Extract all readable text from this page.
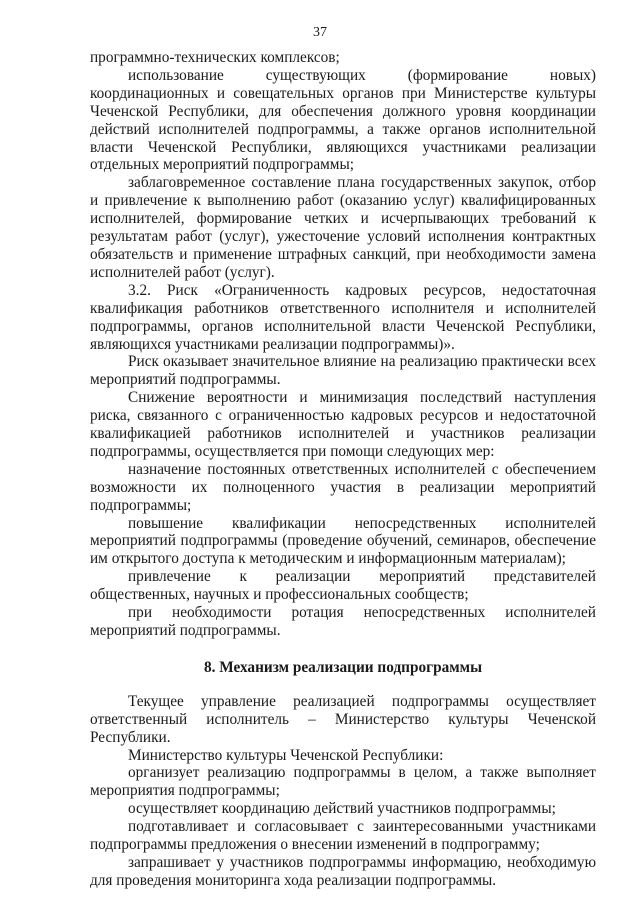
37

программно-технических комплексов;

использование существующих (формирование новых) координационных и совещательных органов при Министерстве культуры Чеченской Республики, для обеспечения должного уровня координации действий исполнителей подпрограммы, а также органов исполнительной власти Чеченской Республики, являющихся участниками реализации отдельных мероприятий подпрограммы;

заблаговременное составление плана государственных закупок, отбор и привлечение к выполнению работ (оказанию услуг) квалифицированных исполнителей, формирование четких и исчерпывающих требований к результатам работ (услуг), ужесточение условий исполнения контрактных обязательств и применение штрафных санкций, при необходимости замена исполнителей работ (услуг).

3.2. Риск «Ограниченность кадровых ресурсов, недостаточная квалификация работников ответственного исполнителя и исполнителей подпрограммы, органов исполнительной власти Чеченской Республики, являющихся участниками реализации подпрограммы)».

Риск оказывает значительное влияние на реализацию практически всех мероприятий подпрограммы.

Снижение вероятности и минимизация последствий наступления риска, связанного с ограниченностью кадровых ресурсов и недостаточной квалификацией работников исполнителей и участников реализации подпрограммы, осуществляется при помощи следующих мер:

назначение постоянных ответственных исполнителей с обеспечением возможности их полноценного участия в реализации мероприятий подпрограммы;

повышение квалификации непосредственных исполнителей мероприятий подпрограммы (проведение обучений, семинаров, обеспечение им открытого доступа к методическим и информационным материалам);

привлечение к реализации мероприятий представителей общественных, научных и профессиональных сообществ;

при необходимости ротация непосредственных исполнителей мероприятий подпрограммы.

8. Механизм реализации подпрограммы

Текущее управление реализацией подпрограммы осуществляет ответственный исполнитель – Министерство культуры Чеченской Республики.

Министерство культуры Чеченской Республики:

организует реализацию подпрограммы в целом, а также выполняет мероприятия подпрограммы;

осуществляет координацию действий участников подпрограммы;

подготавливает и согласовывает с заинтересованными участниками подпрограммы предложения о внесении изменений в подпрограмму;

запрашивает у участников подпрограммы информацию, необходимую для проведения мониторинга хода реализации подпрограммы.
